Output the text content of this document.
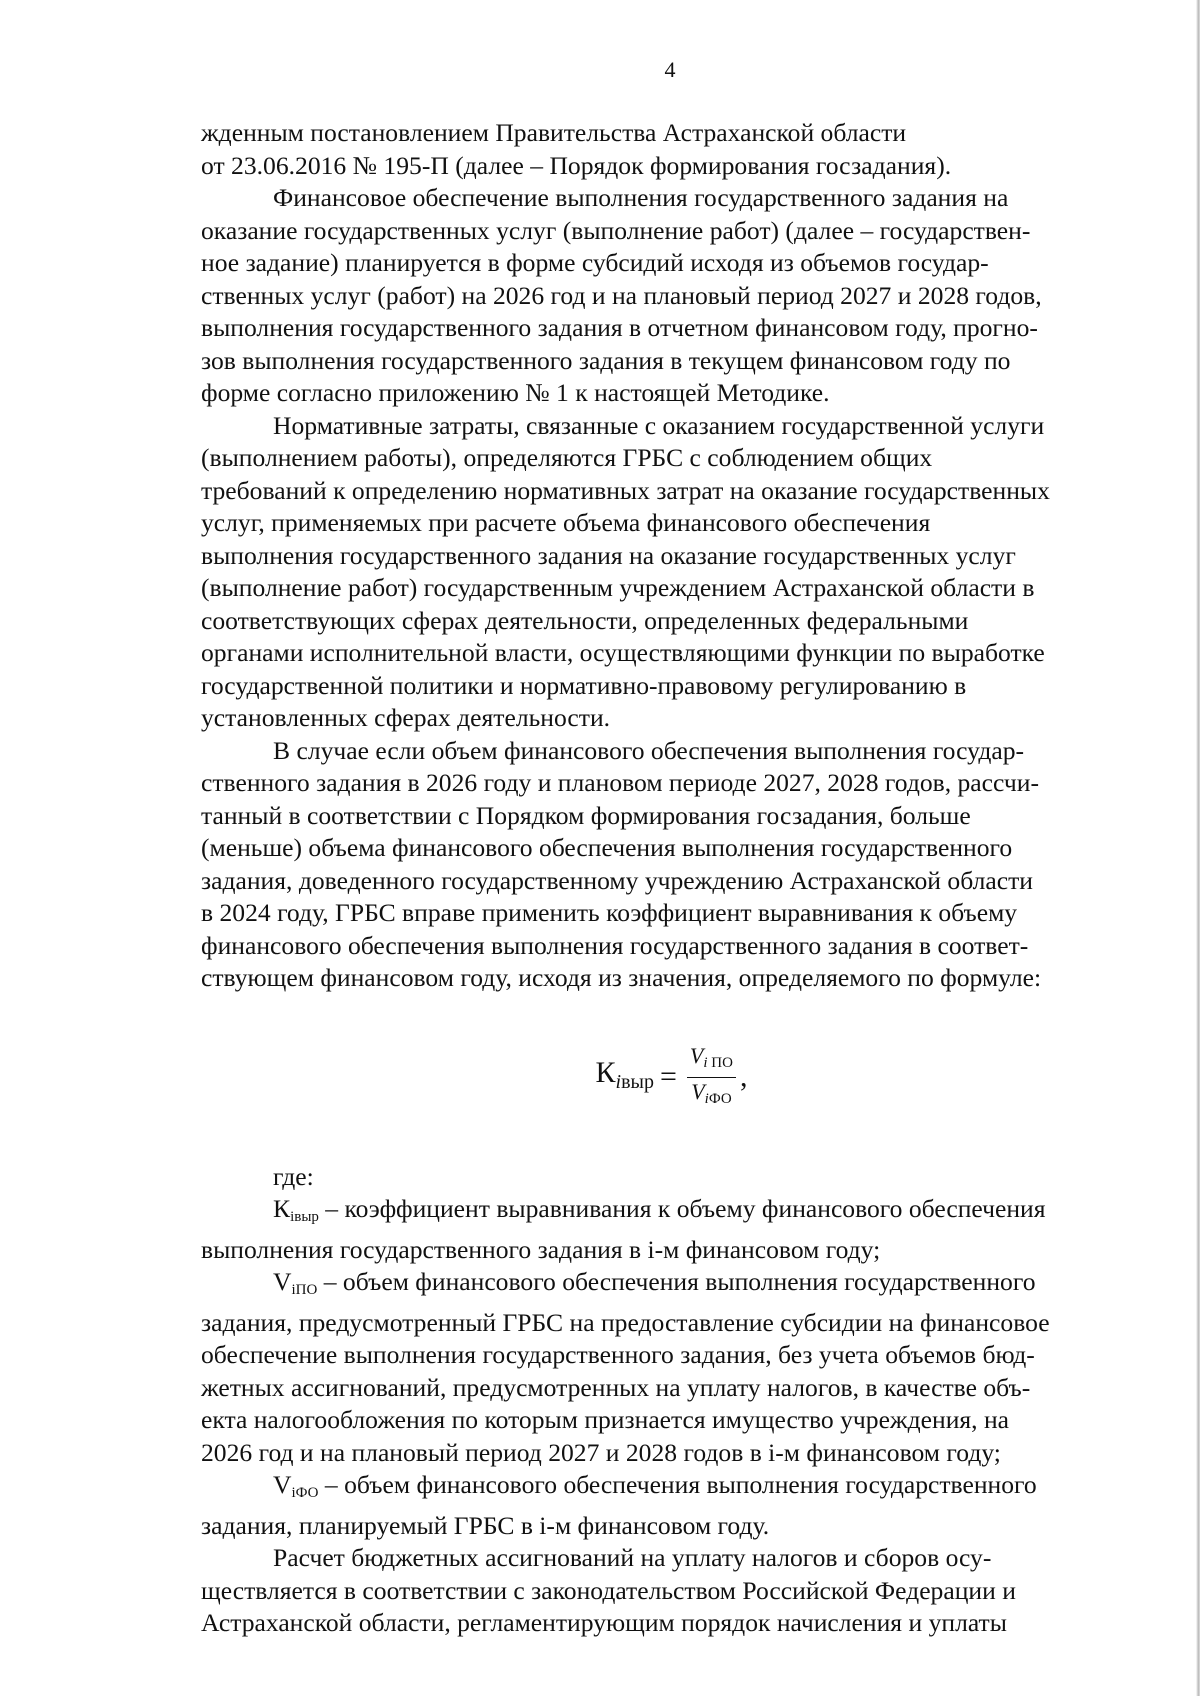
4

жденным постановлением Правительства Астраханской области
от 23.06.2016 № 195-П (далее – Порядок формирования госзадания).

Финансовое обеспечение выполнения государственного задания на
оказание государственных услуг (выполнение работ) (далее – государствен-
ное задание) планируется в форме субсидий исходя из объемов государ-
ственных услуг (работ) на 2026 год и на плановый период 2027 и 2028 годов,
выполнения государственного задания в отчетном финансовом году, прогно-
зов выполнения государственного задания в текущем финансовом году по
форме согласно приложению № 1 к настоящей Методике.

Нормативные затраты, связанные с оказанием государственной услуги
(выполнением работы), определяются ГРБС с соблюдением общих
требований к определению нормативных затрат на оказание государственных
услуг, применяемых при расчете объема финансового обеспечения
выполнения государственного задания на оказание государственных услуг
(выполнение работ) государственным учреждением Астраханской области в
соответствующих сферах деятельности, определенных федеральными
органами исполнительной власти, осуществляющими функции по выработке
государственной политики и нормативно-правовому регулированию в
установленных сферах деятельности.

В случае если объем финансового обеспечения выполнения государ-
ственного задания в 2026 году и плановом периоде 2027, 2028 годов, рассчи-
танный в соответствии с Порядком формирования госзадания, больше
(меньше) объема финансового обеспечения выполнения государственного
задания, доведенного государственному учреждению Астраханской области
в 2024 году, ГРБС вправе применить коэффициент выравнивания к объему
финансового обеспечения выполнения государственного задания в соответ-
ствующем финансовом году, исходя из значения, определяемого по формуле:

$К_{iвыр} = \frac{\text{Vi ПО}}{\text{ViФО}}$ ,

где:

Кiвыр – коэффициент выравнивания к объему финансового обеспечения
выполнения государственного задания в i-м финансовом году;

ViПО – объем финансового обеспечения выполнения государственного
задания, предусмотренный ГРБС на предоставление субсидии на финансовое
обеспечение выполнения государственного задания, без учета объемов бюд-
жетных ассигнований, предусмотренных на уплату налогов, в качестве объ-
екта налогообложения по которым признается имущество учреждения, на
2026 год и на плановый период 2027 и 2028 годов в i-м финансовом году;

ViФО – объем финансового обеспечения выполнения государственного
задания, планируемый ГРБС в i-м финансовом году.

Расчет бюджетных ассигнований на уплату налогов и сборов осу-
ществляется в соответствии с законодательством Российской Федерации и
Астраханской области, регламентирующим порядок начисления и уплаты
